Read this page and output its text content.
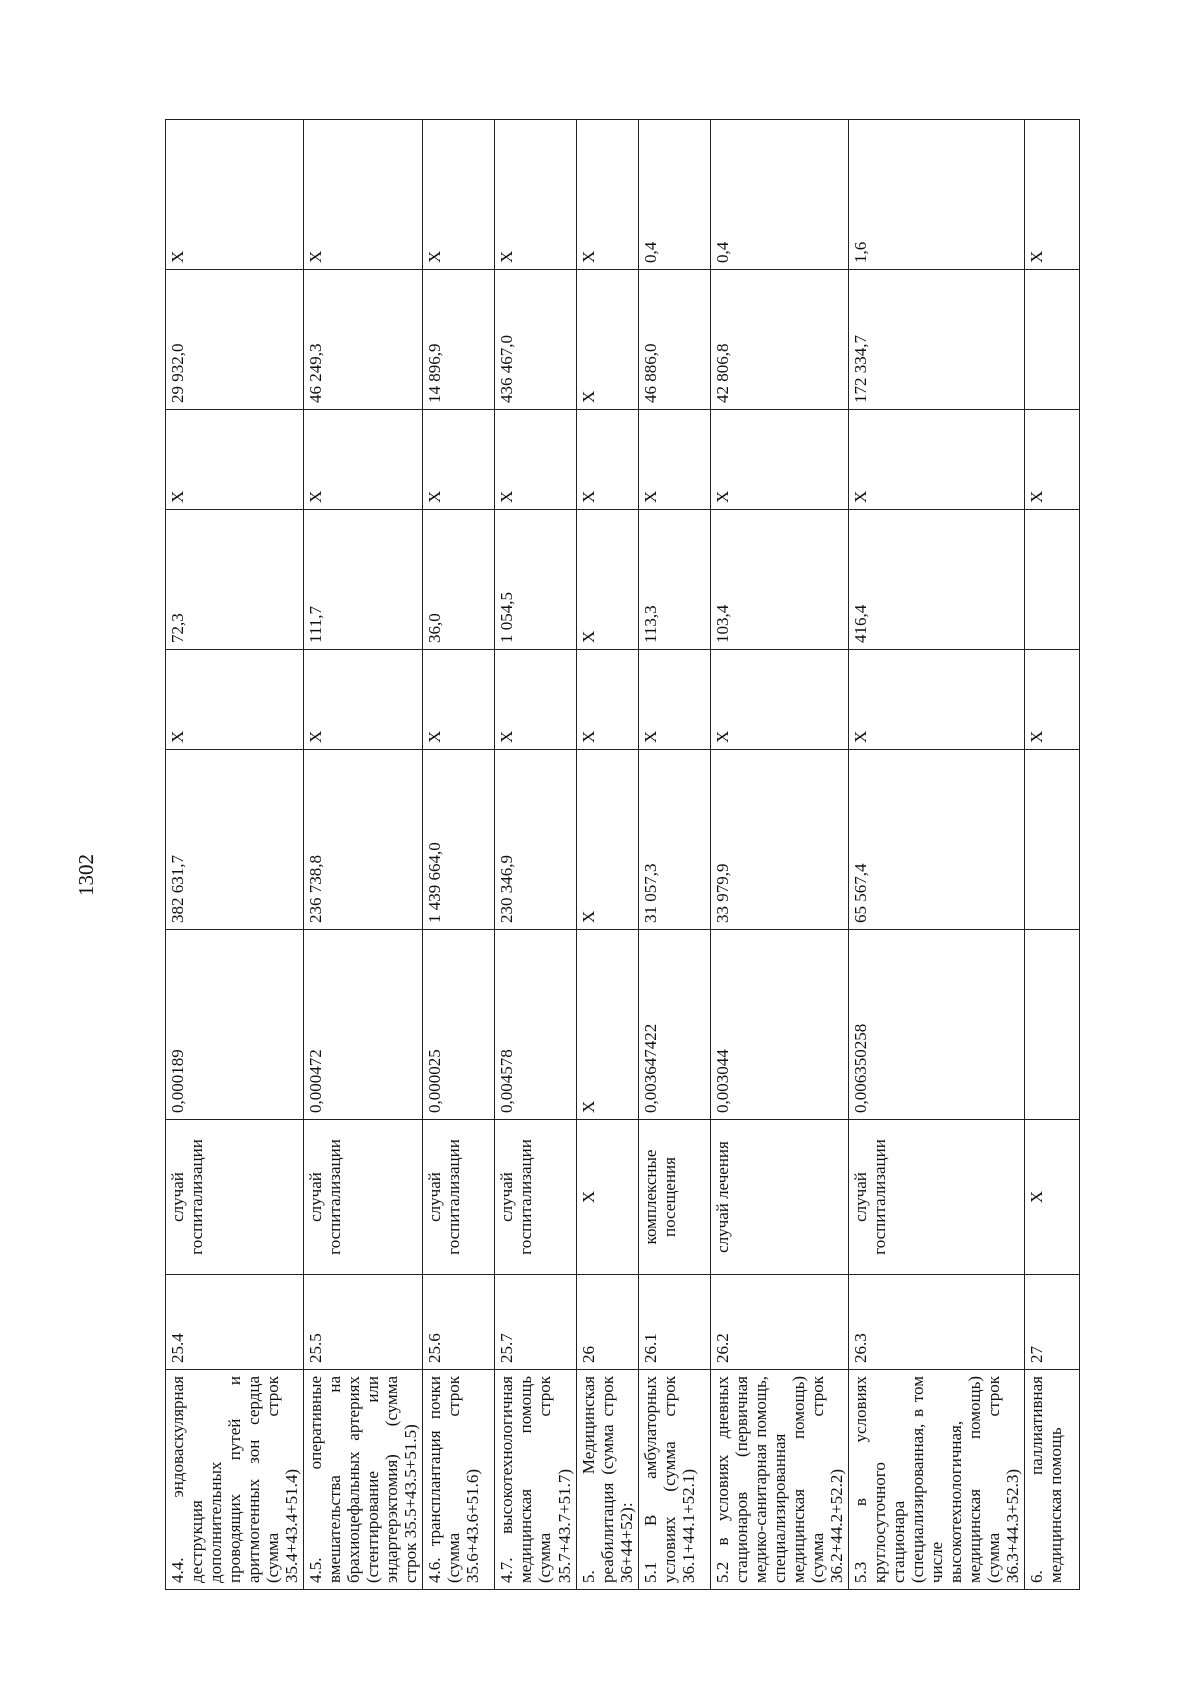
1302
4.4. эндоваскулярная деструкция дополнительных проводящих путей и аритмогенных зон сердца (сумма строк 35.4+43.4+51.4)	25.4	случай госпитализации	0,000189	382 631,7	X	72,3	X	29 932,0	X
4.5. оперативные вмешательства на брахиоцефальных артериях (стентирование или эндартерэктомия) (сумма строк 35.5+43.5+51.5)	25.5	случай госпитализации	0,000472	236 738,8	X	111,7	X	46 249,3	X
4.6. трансплантация почки (сумма строк 35.6+43.6+51.6)	25.6	случай госпитализации	0,000025	1 439 664,0	X	36,0	X	14 896,9	X
4.7. высокотехнологичная медицинская помощь (сумма строк 35.7+43.7+51.7)	25.7	случай госпитализации	0,004578	230 346,9	X	1 054,5	X	436 467,0	X
5. Медицинская реабилитация (сумма строк 36+44+52):	26	X	X	X	X	X	X	X	X
5.1 В амбулаторных условиях (сумма строк 36.1+44.1+52.1)	26.1	комплексные посещения	0,003647422	31 057,3	X	113,3	X	46 886,0	0,4
5.2 в условиях дневных стационаров (первичная медико-санитарная помощь, специализированная медицинская помощь) (сумма строк 36.2+44.2+52.2)	26.2	случай лечения	0,003044	33 979,9	X	103,4	X	42 806,8	0,4
5.3 в условиях круглосуточного стационара (специализированная, в том числе высокотехнологичная, медицинская помощь) (сумма строк 36.3+44.3+52.3)	26.3	случай госпитализации	0,006350258	65 567,4	X	416,4	X	172 334,7	1,6
6. паллиативная медицинская помощь	27	X			X		X		X
